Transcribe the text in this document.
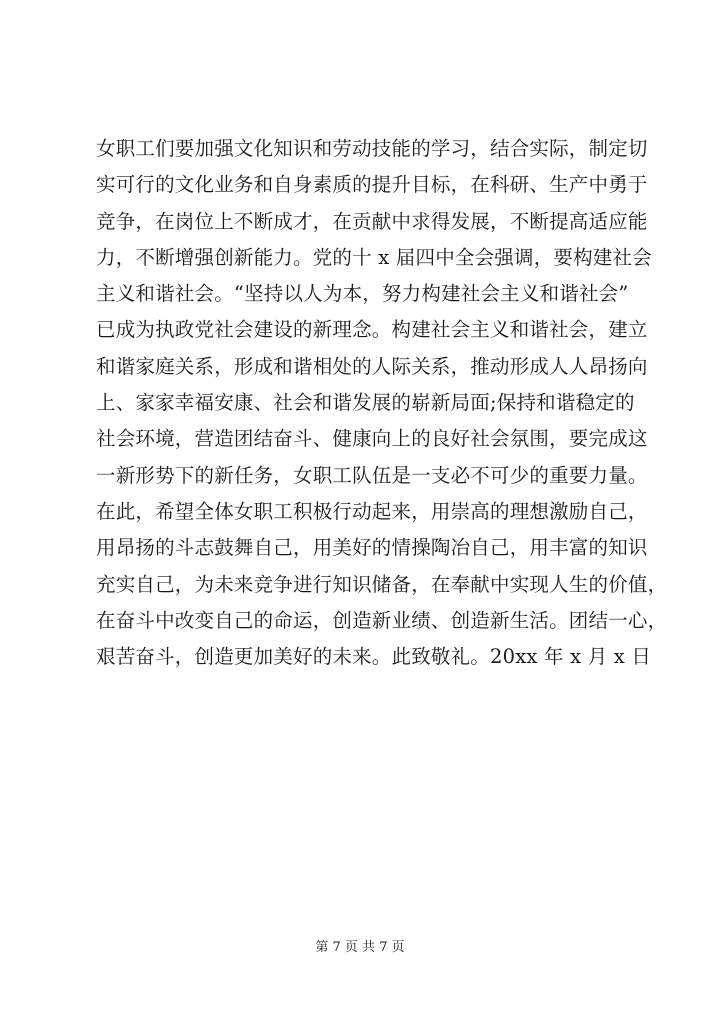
女职工们要加强文化知识和劳动技能的学习，结合实际，制定切
实可行的文化业务和自身素质的提升目标，在科研、生产中勇于
竞争，在岗位上不断成才，在贡献中求得发展，不断提高适应能
力，不断增强创新能力。党的十 x 届四中全会强调，要构建社会
主义和谐社会。“坚持以人为本，努力构建社会主义和谐社会”
已成为执政党社会建设的新理念。构建社会主义和谐社会，建立
和谐家庭关系，形成和谐相处的人际关系，推动形成人人昂扬向
上、家家幸福安康、社会和谐发展的崭新局面;保持和谐稳定的
社会环境，营造团结奋斗、健康向上的良好社会氛围，要完成这
一新形势下的新任务，女职工队伍是一支必不可少的重要力量。
在此，希望全体女职工积极行动起来，用崇高的理想激励自己，
用昂扬的斗志鼓舞自己，用美好的情操陶冶自己，用丰富的知识
充实自己，为未来竞争进行知识储备，在奉献中实现人生的价值，
在奋斗中改变自己的命运，创造新业绩、创造新生活。团结一心，
艰苦奋斗，创造更加美好的未来。此致敬礼。20xx 年 x 月 x 日
第 7 页 共 7 页
